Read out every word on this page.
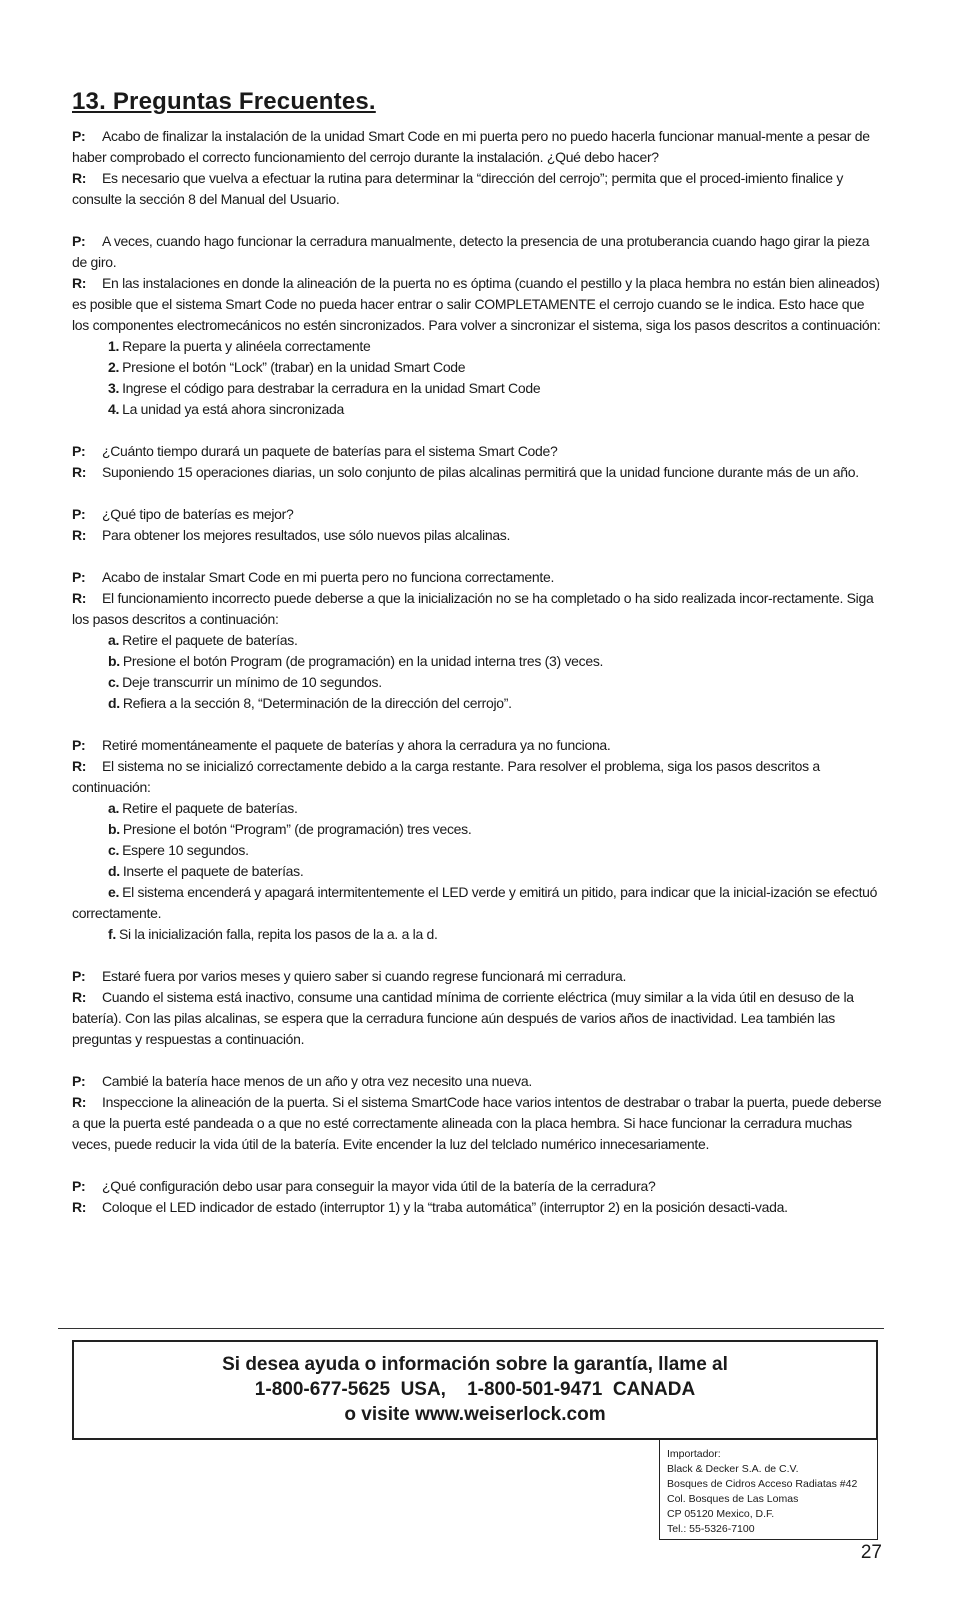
13. Preguntas Frecuentes.
P: Acabo de finalizar la instalación de la unidad Smart Code en mi puerta pero no puedo hacerla funcionar manual-mente a pesar de haber comprobado el correcto funcionamiento del cerrojo durante la instalación. ¿Qué debo hacer?
R: Es necesario que vuelva a efectuar la rutina para determinar la “dirección del cerrojo”; permita que el proced-imiento finalice y consulte la sección 8 del Manual del Usuario.
P: A veces, cuando hago funcionar la cerradura manualmente, detecto la presencia de una protuberancia cuando hago girar la pieza de giro.
R: En las instalaciones en donde la alineación de la puerta no es óptima (cuando el pestillo y la placa hembra no están bien alineados) es posible que el sistema Smart Code no pueda hacer entrar o salir COMPLETAMENTE el cerrojo cuando se le indica. Esto hace que los componentes electromecánicos no estén sincronizados. Para volver a sincronizar el sistema, siga los pasos descritos a continuación:
1. Repare la puerta y alinéela correctamente
2. Presione el botón “Lock” (trabar) en la unidad Smart Code
3. Ingrese el código para destrabar la cerradura en la unidad Smart Code
4. La unidad ya está ahora sincronizada
P: ¿Cuánto tiempo durará un paquete de baterías para el sistema Smart Code?
R: Suponiendo 15 operaciones diarias, un solo conjunto de pilas alcalinas permitirá que la unidad funcione durante más de un año.
P: ¿Qué tipo de baterías es mejor?
R: Para obtener los mejores resultados, use sólo nuevos pilas alcalinas.
P: Acabo de instalar Smart Code en mi puerta pero no funciona correctamente.
R: El funcionamiento incorrecto puede deberse a que la inicialización no se ha completado o ha sido realizada incor-rectamente. Siga los pasos descritos a continuación:
a. Retire el paquete de baterías.
b. Presione el botón Program (de programación) en la unidad interna tres (3) veces.
c. Deje transcurrir un mínimo de 10 segundos.
d. Refiera a la sección 8, “Determinación de la dirección del cerrojo”.
P: Retiré momentáneamente el paquete de baterías y ahora la cerradura ya no funciona.
R: El sistema no se inicializó correctamente debido a la carga restante. Para resolver el problema, siga los pasos descritos a continuación:
a. Retire el paquete de baterías.
b. Presione el botón “Program” (de programación) tres veces.
c. Espere 10 segundos.
d. Inserte el paquete de baterías.
e. El sistema encenderá y apagará intermitentemente el LED verde y emitirá un pitido, para indicar que la inicial-ización se efectuó correctamente.
f. Si la inicialización falla, repita los pasos de la a. a la d.
P: Estaré fuera por varios meses y quiero saber si cuando regrese funcionará mi cerradura.
R: Cuando el sistema está inactivo, consume una cantidad mínima de corriente eléctrica (muy similar a la vida útil en desuso de la batería). Con las pilas alcalinas, se espera que la cerradura funcione aún después de varios años de inactividad. Lea también las preguntas y respuestas a continuación.
P: Cambié la batería hace menos de un año y otra vez necesito una nueva.
R: Inspeccione la alineación de la puerta. Si el sistema SmartCode hace varios intentos de destrabar o trabar la puerta, puede deberse a que la puerta esté pandeada o a que no esté correctamente alineada con la placa hembra. Si hace funcionar la cerradura muchas veces, puede reducir la vida útil de la batería. Evite encender la luz del telclado numérico innecesariamente.
P: ¿Qué configuración debo usar para conseguir la mayor vida útil de la batería de la cerradura?
R: Coloque el LED indicador de estado (interruptor 1) y la “traba automática” (interruptor 2) en la posición desacti-vada.
Si desea ayuda o información sobre la garantía, llame al
1-800-677-5625  USA,    1-800-501-9471  CANADA
o visite www.weiserlock.com
Importador:
Black & Decker S.A. de C.V.
Bosques de Cidros Acceso Radiatas #42
Col. Bosques de Las Lomas
CP 05120 Mexico, D.F.
Tel.: 55-5326-7100
27
